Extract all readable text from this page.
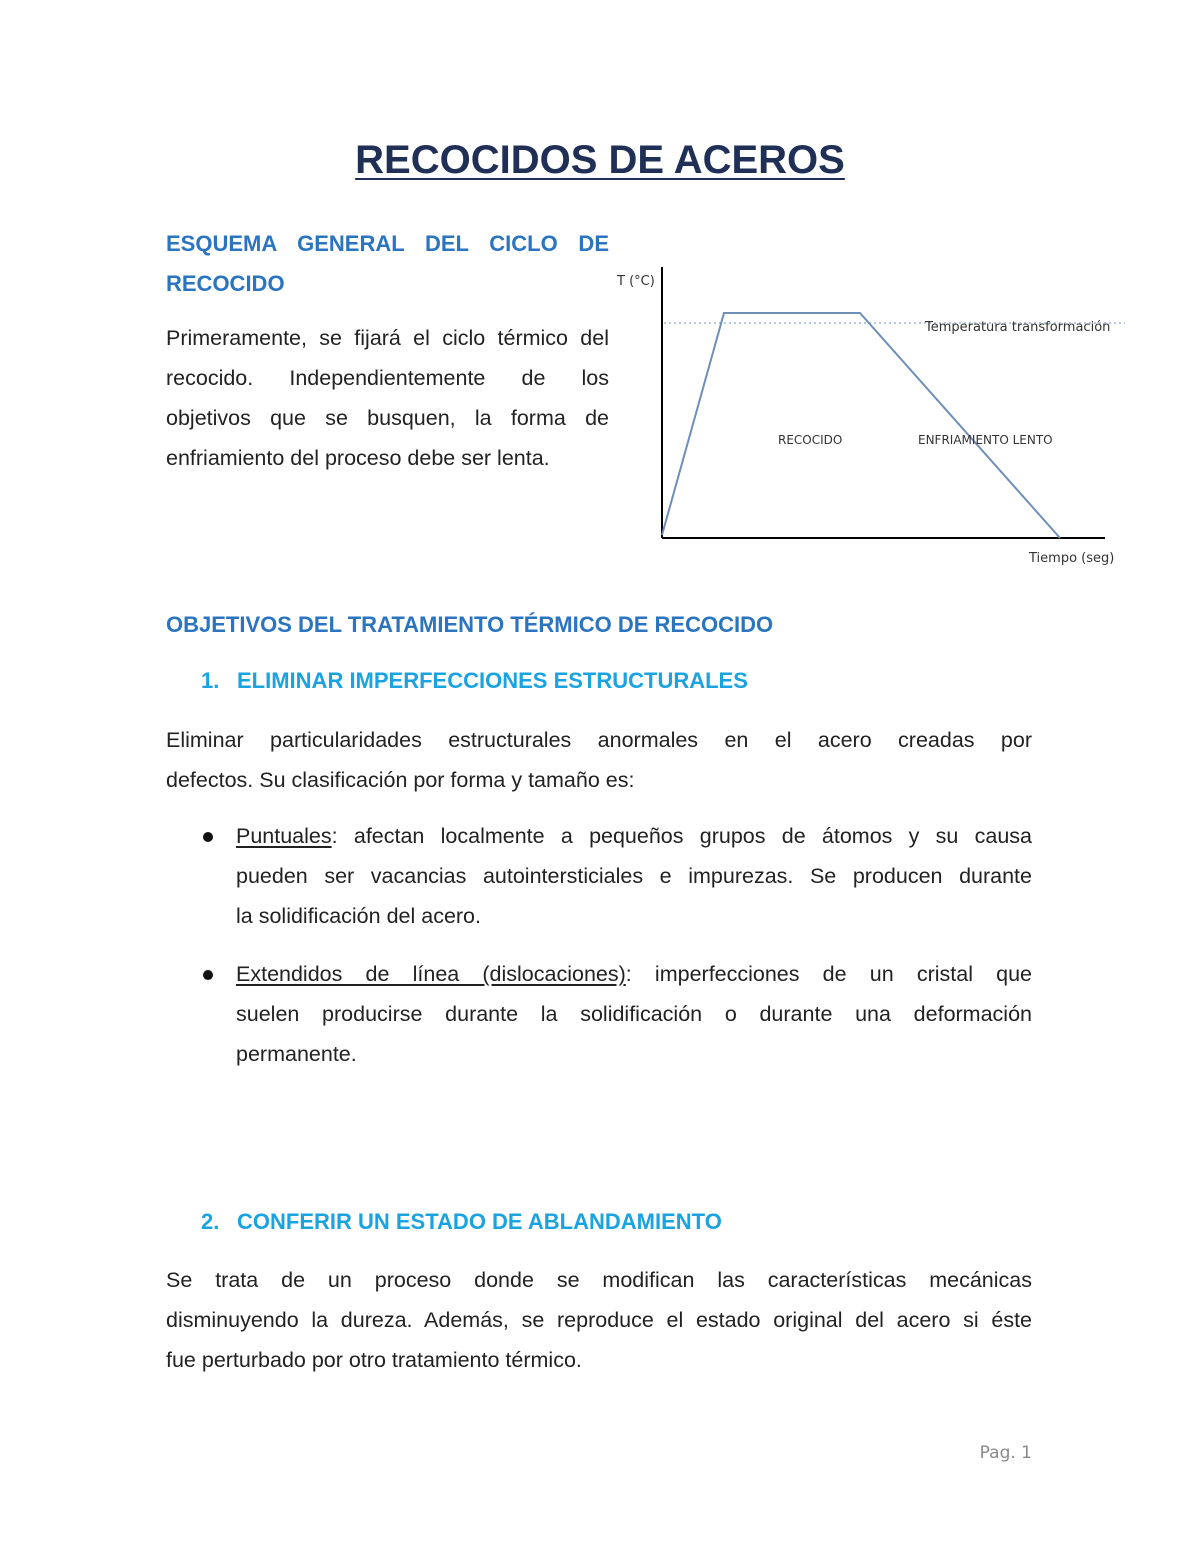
RECOCIDOS DE ACEROS
ESQUEMA GENERAL DEL CICLO DE
RECOCIDO
Primeramente, se fijará el ciclo térmico del
recocido. Independientemente de los
objetivos que se busquen, la forma de
enfriamiento del proceso debe ser lenta.
T (°C)
Temperatura transformación
RECOCIDO	ENFRIAMIENTO LENTO
Tiempo (seg)
OBJETIVOS DEL TRATAMIENTO TÉRMICO DE RECOCIDO
1. ELIMINAR IMPERFECCIONES ESTRUCTURALES
Eliminar particularidades estructurales anormales en el acero creadas por
defectos. Su clasificación por forma y tamaño es:
Puntuales: afectan localmente a pequeños grupos de átomos y su causa
pueden ser vacancias autointersticiales e impurezas. Se producen durante
la solidificación del acero.
Extendidos de línea (dislocaciones): imperfecciones de un cristal que
suelen producirse durante la solidificación o durante una deformación
permanente.
2. CONFERIR UN ESTADO DE ABLANDAMIENTO
Se trata de un proceso donde se modifican las características mecánicas
disminuyendo la dureza. Además, se reproduce el estado original del acero si éste
fue perturbado por otro tratamiento térmico.
Pag. 1
